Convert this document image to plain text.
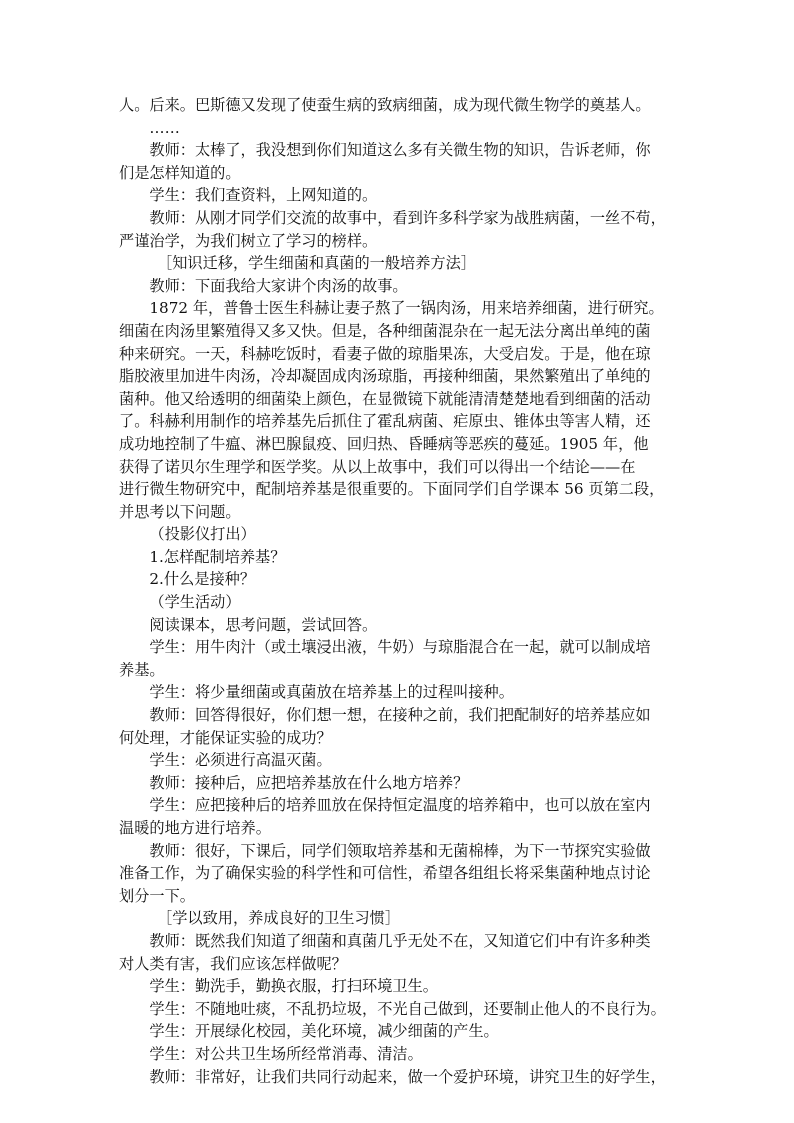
人。后来。巴斯德又发现了使蚕生病的致病细菌，成为现代微生物学的奠基人。

……

教师：太棒了，我没想到你们知道这么多有关微生物的知识，告诉老师，你

们是怎样知道的。

学生：我们查资料，上网知道的。

教师：从刚才同学们交流的故事中，看到许多科学家为战胜病菌，一丝不苟，

严谨治学，为我们树立了学习的榜样。

［知识迁移，学生细菌和真菌的一般培养方法］

教师：下面我给大家讲个肉汤的故事。

1872 年，普鲁士医生科赫让妻子熬了一锅肉汤，用来培养细菌，进行研究。

细菌在肉汤里繁殖得又多又快。但是，各种细菌混杂在一起无法分离出单纯的菌
种来研究。一天，科赫吃饭时，看妻子做的琼脂果冻，大受启发。于是，他在琼
脂胶液里加进牛肉汤，冷却凝固成肉汤琼脂，再接种细菌，果然繁殖出了单纯的
菌种。他又给透明的细菌染上颜色，在显微镜下就能清清楚楚地看到细菌的活动
了。科赫利用制作的培养基先后抓住了霍乱病菌、疟原虫、锥体虫等害人精，还
成功地控制了牛瘟、淋巴腺鼠疫、回归热、昏睡病等恶疾的蔓延。1905 年，他
获得了诺贝尔生理学和医学奖。从以上故事中，我们可以得出一个结论——在
进行微生物研究中，配制培养基是很重要的。下面同学们自学课本 56 页第二段，
并思考以下问题。

（投影仪打出）

1.怎样配制培养基？

2.什么是接种？

（学生活动）

阅读课本，思考问题，尝试回答。

学生：用牛肉汁（或土壤浸出液，牛奶）与琼脂混合在一起，就可以制成培

养基。

学生：将少量细菌或真菌放在培养基上的过程叫接种。

教师：回答得很好，你们想一想，在接种之前，我们把配制好的培养基应如

何处理，才能保证实验的成功？

学生：必须进行高温灭菌。

教师：接种后，应把培养基放在什么地方培养？

学生：应把接种后的培养皿放在保持恒定温度的培养箱中，也可以放在室内

温暖的地方进行培养。

教师：很好，下课后，同学们领取培养基和无菌棉棒，为下一节探究实验做

准备工作，为了确保实验的科学性和可信性，希望各组组长将采集菌种地点讨论
划分一下。

［学以致用，养成良好的卫生习惯］

教师：既然我们知道了细菌和真菌几乎无处不在，又知道它们中有许多种类

对人类有害，我们应该怎样做呢？

学生：勤洗手，勤换衣服，打扫环境卫生。

学生：不随地吐痰，不乱扔垃圾，不光自己做到，还要制止他人的不良行为。

学生：开展绿化校园，美化环境，减少细菌的产生。

学生：对公共卫生场所经常消毒、清洁。

教师：非常好，让我们共同行动起来，做一个爱护环境，讲究卫生的好学生，
